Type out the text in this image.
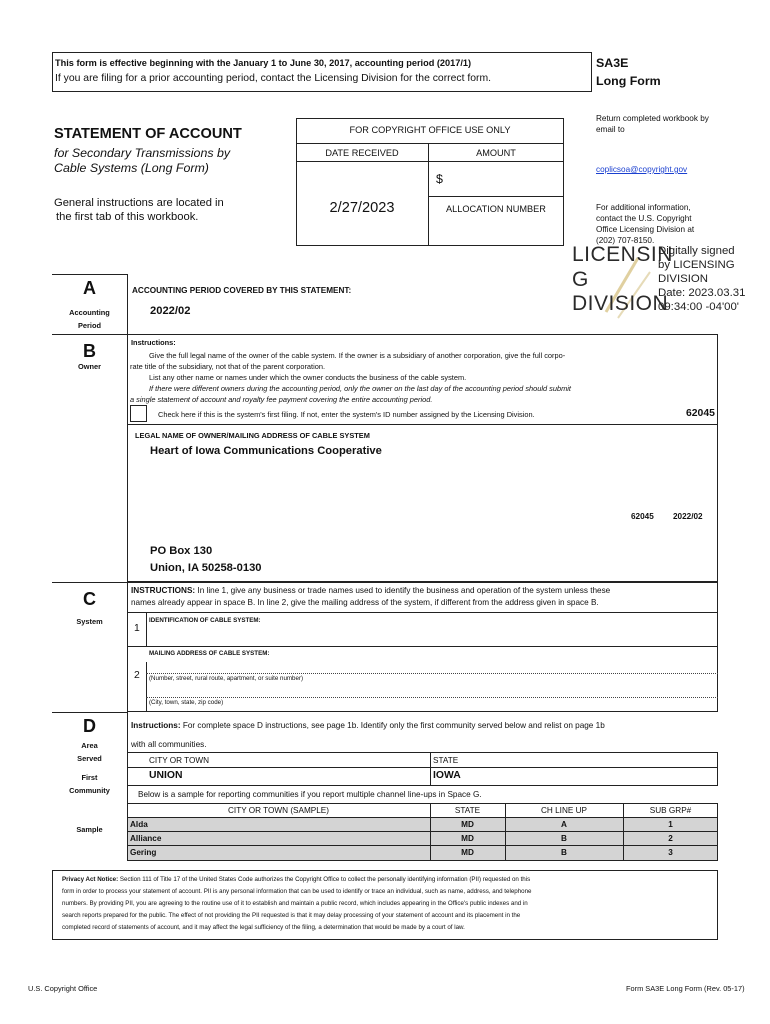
This form is effective beginning with the January 1 to June 30, 2017, accounting period (2017/1)
If you are filing for a prior accounting period, contact the Licensing Division for the correct form.
SA3E
Long Form
STATEMENT OF ACCOUNT
for Secondary Transmissions by
Cable Systems (Long Form)
General instructions are located in
the first tab of this workbook.
FOR COPYRIGHT OFFICE USE ONLY
DATE RECEIVED	AMOUNT
2/27/2023
$
ALLOCATION NUMBER
Return completed workbook by
email to
coplicsoa@copyright.gov
For additional information,
contact the U.S. Copyright
Office Licensing Division at
(202) 707-8150.
LICENSIN
G
DIVISION
Digitally signed
by LICENSING
DIVISION
Date: 2023.03.31
09:34:00 -04'00'
A
Accounting
Period
ACCOUNTING PERIOD COVERED BY THIS STATEMENT:
2022/02
B
Owner
Instructions:
Give the full legal name of the owner of the cable system. If the owner is a subsidiary of another corporation, give the full corpo-
rate title of the subsidiary, not that of the parent corporation.
List any other name or names under which the owner conducts the business of the cable system.
If there were different owners during the accounting period, only the owner on the last day of the accounting period should submit
a single statement of account and royalty fee payment covering the entire accounting period.
Check here if this is the system's first filing. If not, enter the system's ID number assigned by the Licensing Division.	62045
LEGAL NAME OF OWNER/MAILING ADDRESS OF CABLE SYSTEM
Heart of Iowa Communications Cooperative
62045 2022/02
PO Box 130
Union, IA 50258-0130
C
System
INSTRUCTIONS: In line 1, give any business or trade names used to identify the business and operation of the system unless these
names already appear in space B. In line 2, give the mailing address of the system, if different from the address given in space B.
1
IDENTIFICATION OF CABLE SYSTEM:
MAILING ADDRESS OF CABLE SYSTEM:
2 (Number, street, rural route, apartment, or suite number)
(City, town, state, zip code)
D
Area
Served
First
Community
Sample
Instructions: For complete space D instructions, see page 1b. Identify only the first community served below and relist on page 1b
with all communities.
CITY OR TOWN	STATE
UNION	IOWA
Below is a sample for reporting communities if you report multiple channel line-ups in Space G.
CITY OR TOWN (SAMPLE)	STATE	CH LINE UP	SUB GRP#
Alda	MD	A	1
Alliance	MD	B	2
Gering	MD	B	3
Privacy Act Notice: Section 111 of Title 17 of the United States Code authorizes the Copyright Office to collect the personally identifying information (PII) requested on this
form in order to process your statement of account. PII is any personal information that can be used to identify or trace an individual, such as name, address, and telephone
numbers. By providing PII, you are agreeing to the routine use of it to establish and maintain a public record, which includes appearing in the Office's public indexes and in
search reports prepared for the public. The effect of not providing the PII requested is that it may delay processing of your statement of account and its placement in the
completed record of statements of account, and it may affect the legal sufficiency of the filing, a determination that would be made by a court of law.
U.S. Copyright Office	Form SA3E Long Form (Rev. 05-17)
